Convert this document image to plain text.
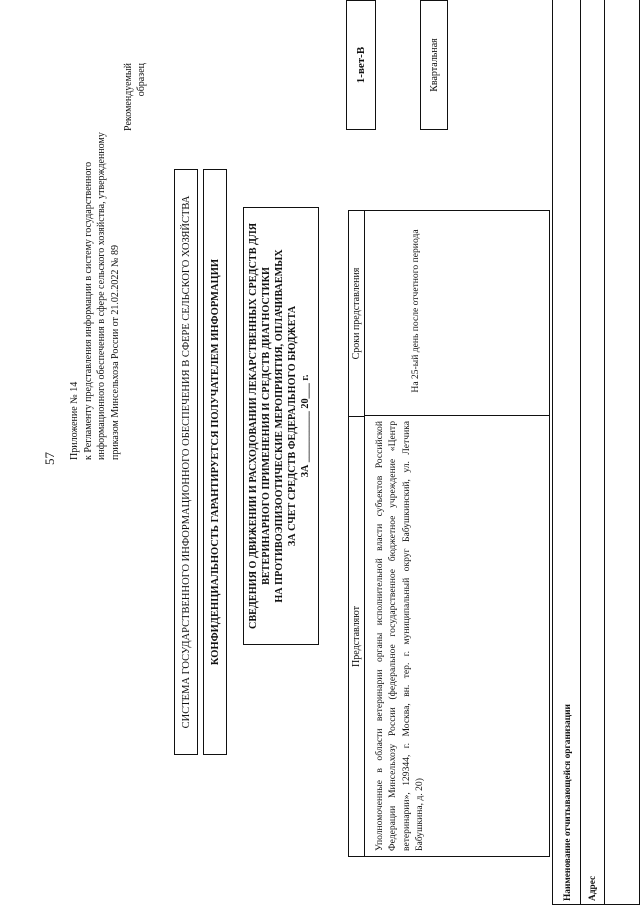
57 Приложение № 14 к Регламенту представления информации в систему государственного информационного обеспечения в сфере сельского хозяйства, утвержденному приказом Минсельхоза России от 21.02.2022 № 89
Рекомендуемый образец
СИСТЕМА ГОСУДАРСТВЕННОГО ИНФОРМАЦИОННОГО ОБЕСПЕЧЕНИЯ В СФЕРЕ СЕЛЬСКОГО ХОЗЯЙСТВА КОНФИДЕНЦИАЛЬНОСТЬ ГАРАНТИРУЕТСЯ ПОЛУЧАТЕЛЕМ ИНФОРМАЦИИ	СВЕДЕНИЯ О ДВИЖЕНИИ И РАСХОДОВАНИИ ЛЕКАРСТВЕННЫХ СРЕДСТВ ДЛЯ ВЕТЕРИНАРНОГО ПРИМЕНЕНИЯ И СРЕДСТВ ДИАГНОСТИКИ НА ПРОТИВОЭПИЗООТИЧЕСКИЕ МЕРОПРИЯТИЯ, ОПЛАЧИВАЕМЫХ ЗА СЧЕТ СРЕДСТВ ФЕДЕРАЛЬНОГО БЮДЖЕТА ЗА __________ 20___ г.
Представляют
Сроки представления
Уполномоченные в области ветеринарии органы исполнительной власти субъектов Российской Федерации Минсельхозу России (федеральное государственное бюджетное учреждение «Центр ветеринарии», 129344, г. Москва, вн. тер. г. муниципальный округ Бабушкинский, ул. Летчика Бабушкина, д. 20)
На 25-ый день после отчетного периода
1-вет-В	Квартальная
Наименование отчитывающейся организации Адрес
